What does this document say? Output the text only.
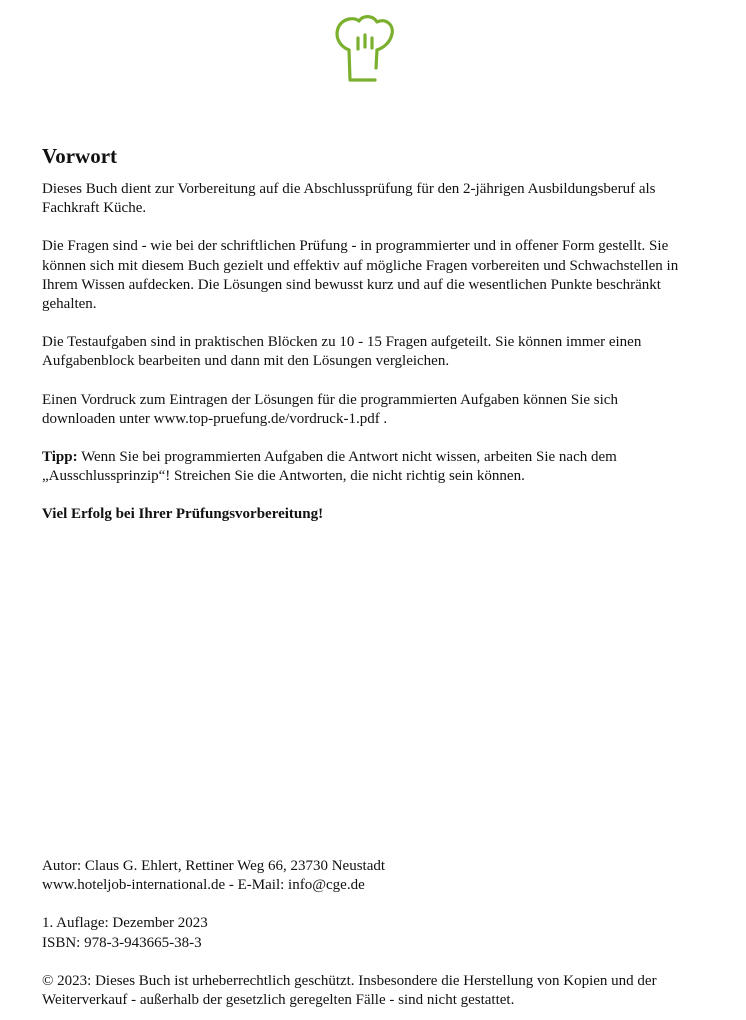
Vorwort

Dieses Buch dient zur Vorbereitung auf die Abschlussprüfung für den 2-jährigen Ausbildungsberuf als Fachkraft Küche.

Die Fragen sind - wie bei der schriftlichen Prüfung - in programmierter und in offener Form gestellt. Sie können sich mit diesem Buch gezielt und effektiv auf mögliche Fragen vorbereiten und Schwachstellen in Ihrem Wissen aufdecken. Die Lösungen sind bewusst kurz und auf die wesentlichen Punkte beschränkt gehalten.

Die Testaufgaben sind in praktischen Blöcken zu 10 - 15 Fragen aufgeteilt. Sie können immer einen Aufgabenblock bearbeiten und dann mit den Lösungen vergleichen.

Einen Vordruck zum Eintragen der Lösungen für die programmierten Aufgaben können Sie sich downloaden unter www.top-pruefung.de/vordruck-1.pdf .

Tipp: Wenn Sie bei programmierten Aufgaben die Antwort nicht wissen, arbeiten Sie nach dem „Ausschlussprinzip“! Streichen Sie die Antworten, die nicht richtig sein können.

Viel Erfolg bei Ihrer Prüfungsvorbereitung!

Autor: Claus G. Ehlert, Rettiner Weg 66, 23730 Neustadt

www.hoteljob-international.de - E-Mail: info@cge.de

1. Auflage: Dezember 2023

ISBN: 978-3-943665-38-3

© 2023: Dieses Buch ist urheberrechtlich geschützt. Insbesondere die Herstellung von Kopien und der Weiterverkauf - außerhalb der gesetzlich geregelten Fälle - sind nicht gestattet.
